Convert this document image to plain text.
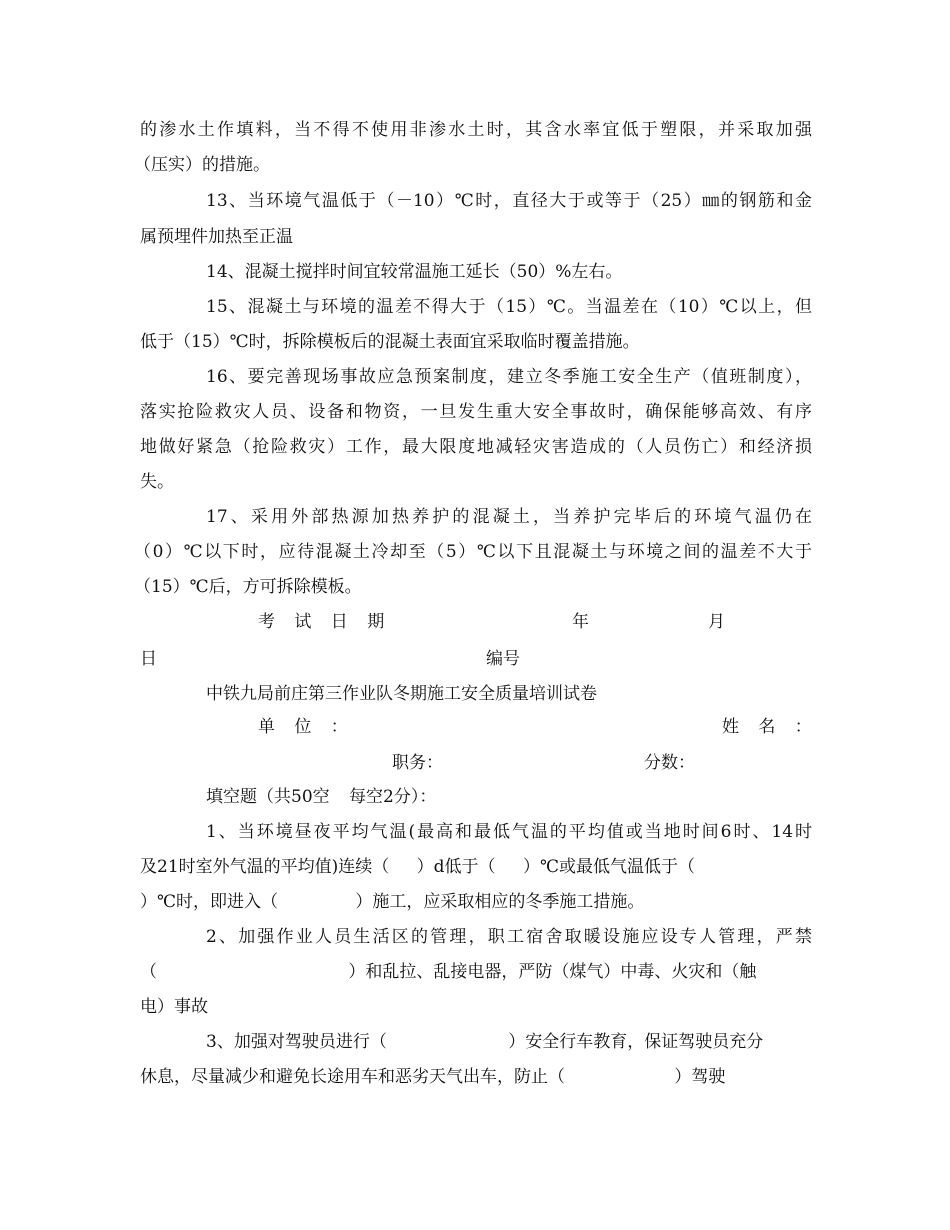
的渗水土作填料，当不得不使用非渗水土时，其含水率宜低于塑限，并采取加强
（压实）的措施。
13、当环境气温低于（－10）℃时，直径大于或等于（25）㎜的钢筋和金
属预埋件加热至正温
14、混凝土搅拌时间宜较常温施工延长（50）%左右。
15、混凝土与环境的温差不得大于（15）℃。当温差在（10）℃以上，但
低于（15）℃时，拆除模板后的混凝土表面宜采取临时覆盖措施。
16、要完善现场事故应急预案制度，建立冬季施工安全生产（值班制度），
落实抢险救灾人员、设备和物资，一旦发生重大安全事故时，确保能够高效、有序
地做好紧急（抢险救灾）工作，最大限度地减轻灾害造成的（人员伤亡）和经济损
失。
17、采用外部热源加热养护的混凝土，当养护完毕后的环境气温仍在
（0）℃以下时，应待混凝土冷却至（5）℃以下且混凝土与环境之间的温差不大于
（15）℃后，方可拆除模板。
考 试 日 期	年	月
日	编号
中铁九局前庄第三作业队冬期施工安全质量培训试卷
单 位 ：	姓 名 ：
职务：	分数：
填空题（共50空 每空2分）：
1、当环境昼夜平均气温(最高和最低气温的平均值或当地时间6时、14时
及21时室外气温的平均值)连续（ ）d低于（ ）℃或最低气温低于（
）℃时，即进入（ ）施工，应采取相应的冬季施工措施。
2、加强作业人员生活区的管理，职工宿舍取暖设施应设专人管理，严禁
（ ）和乱拉、乱接电器，严防（煤气）中毒、火灾和（触
电）事故
3、加强对驾驶员进行（ ）安全行车教育，保证驾驶员充分
休息，尽量减少和避免长途用车和恶劣天气出车，防止（ ）驾驶
